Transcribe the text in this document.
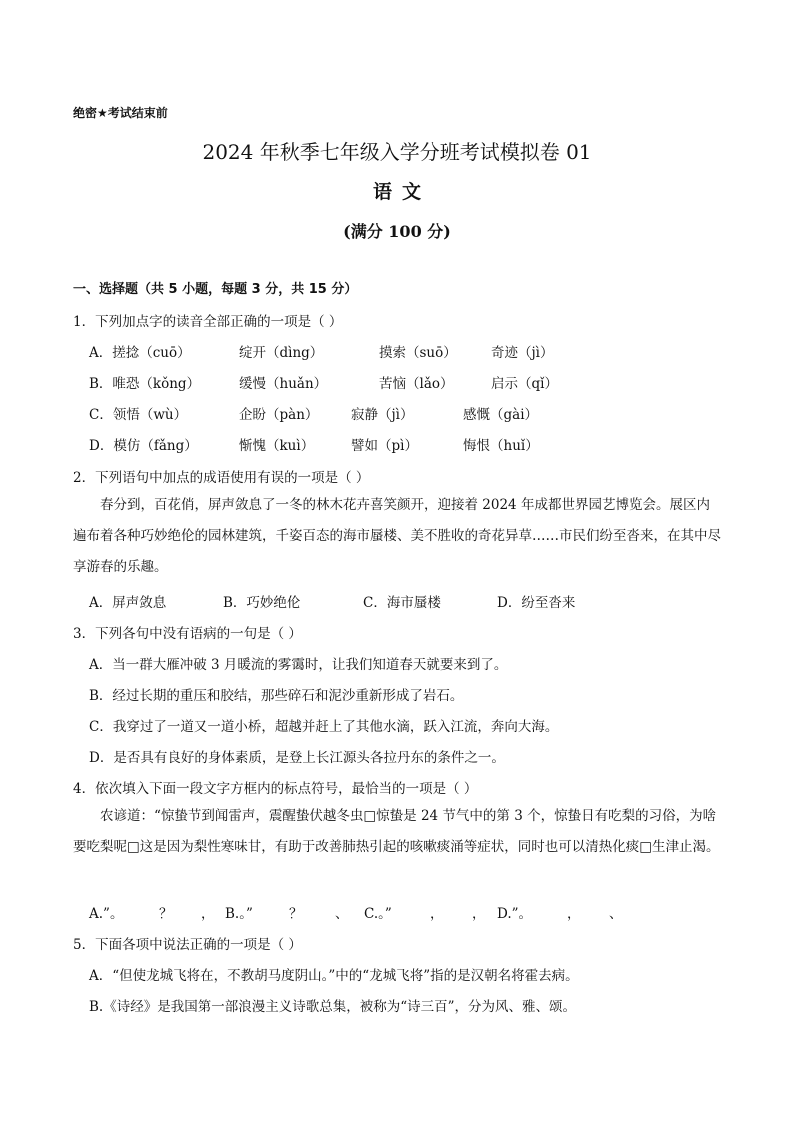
绝密★考试结束前
2024 年秋季七年级入学分班考试模拟卷 01
语文
(满分 100 分)
一、选择题（共 5 小题，每题 3 分，共 15 分）
1．下列加点字的读音全部正确的一项是（ ）
A．搓捻（cuō）	绽开（dìng）	摸索（suō）	奇迹（jì）
B．唯恐（kǒng）	缓慢（huǎn）	苦恼（lǎo）	启示（qǐ）
C．领悟（wù）	企盼（pàn） 寂静（jì）	感慨（gài）
D．模仿（fǎng）	惭愧（kuì）	譬如（pì）	悔恨（huǐ）
2．下列语句中加点的成语使用有误的一项是（ ）
春分到，百花俏，屏声敛息了一冬的林木花卉喜笑颜开，迎接着 2024 年成都世界园艺博览会。展区内遍布着各种巧妙绝伦的园林建筑，千姿百态的海市蜃楼、美不胜收的奇花异草……市民们纷至沓来，在其中尽享游春的乐趣。
A．屏声敛息	B．巧妙绝伦	C．海市蜃楼	D．纷至沓来
3．下列各句中没有语病的一句是（ ）
A．当一群大雁冲破 3 月暖流的雾霭时，让我们知道春天就要来到了。
B．经过长期的重压和胶结，那些碎石和泥沙重新形成了岩石。
C．我穿过了一道又一道小桥，超越并赶上了其他水滴，跃入江流，奔向大海。
D．是否具有良好的身体素质，是登上长江源头各拉丹东的条件之一。
4．依次填入下面一段文字方框内的标点符号，最恰当的一项是（ ）
农谚道：“惊蛰节到闻雷声，震醒蛰伏越冬虫□惊蛰是 24 节气中的第 3 个，惊蛰日有吃梨的习俗，为啥要吃梨呢□这是因为梨性寒味甘，有助于改善肺热引起的咳嗽痰涌等症状，同时也可以清热化痰□生津止渴。
A.”。	？ ， B.。”	？ 、 C.。”	， ， D.”。	， 、
5．下面各项中说法正确的一项是（ ）
A．“但使龙城飞将在，不教胡马度阴山。”中的“龙城飞将”指的是汉朝名将霍去病。
B.《诗经》是我国第一部浪漫主义诗歌总集，被称为“诗三百”，分为风、雅、颂。
